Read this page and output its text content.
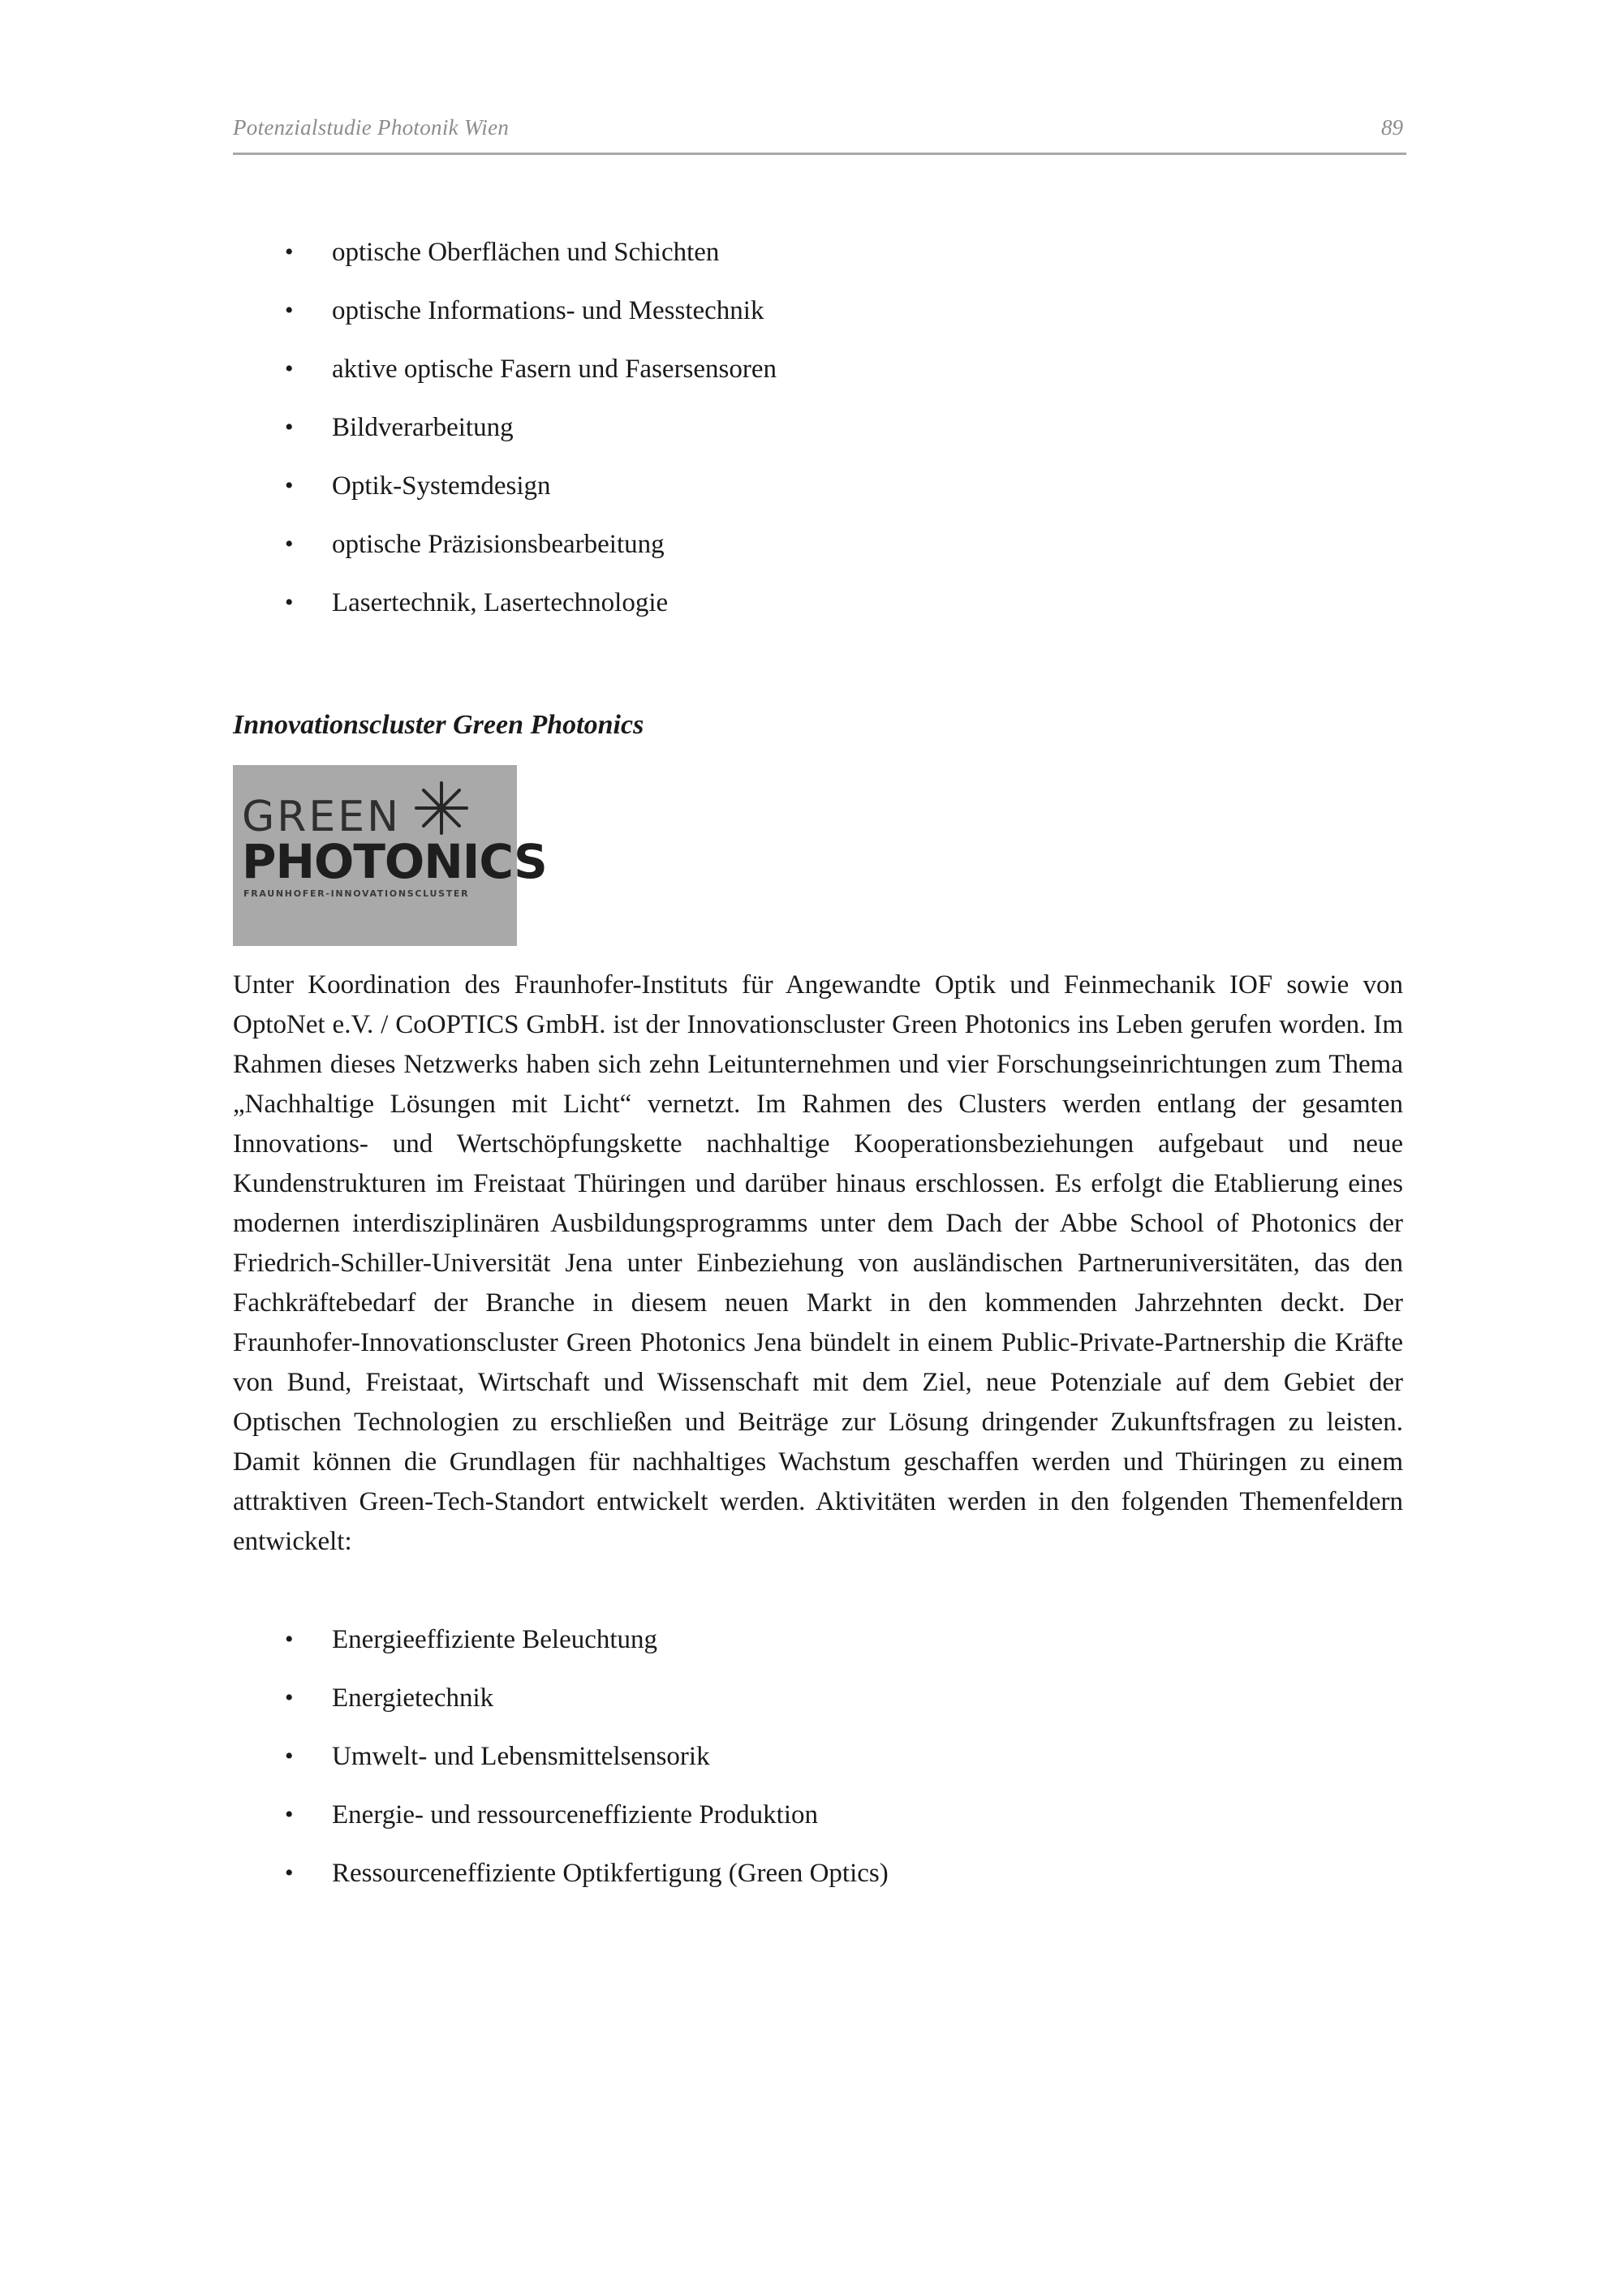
Potenzialstudie Photonik Wien	89
• optische Oberflächen und Schichten
• optische Informations- und Messtechnik
• aktive optische Fasern und Fasersensoren
• Bildverarbeitung
• Optik-Systemdesign
• optische Präzisionsbearbeitung
• Lasertechnik, Lasertechnologie
Innovationscluster Green Photonics
GREEN
PHOTONICS
FRAUNHOFER-INNOVATIONSCLUSTER

Unter Koordination des Fraunhofer-Instituts für Angewandte Optik und Feinmechanik IOF sowie von OptoNet e.V. / CoOPTICS GmbH. ist der Innovationscluster Green Photonics ins Leben gerufen worden. Im Rahmen dieses Netzwerks haben sich zehn Leitunternehmen und vier Forschungseinrichtungen zum Thema „Nachhaltige Lösungen mit Licht“ vernetzt. Im Rahmen des Clusters werden entlang der gesamten Innovations- und Wertschöpfungskette nachhaltige Kooperationsbeziehungen aufgebaut und neue Kundenstrukturen im Freistaat Thüringen und darüber hinaus erschlossen. Es erfolgt die Etablierung eines modernen interdisziplinären Ausbildungsprogramms unter dem Dach der Abbe School of Photonics der Friedrich-Schiller-Universität Jena unter Einbeziehung von ausländischen Partneruniversitäten, das den Fachkräftebedarf der Branche in diesem neuen Markt in den kommenden Jahrzehnten deckt. Der Fraunhofer-Innovationscluster Green Photonics Jena bündelt in einem Public-Private-Partnership die Kräfte von Bund, Freistaat, Wirtschaft und Wissenschaft mit dem Ziel, neue Potenziale auf dem Gebiet der Optischen Technologien zu erschließen und Beiträge zur Lösung dringender Zukunftsfragen zu leisten. Damit können die Grundlagen für nachhaltiges Wachstum geschaffen werden und Thüringen zu einem attraktiven Green-Tech-Standort entwickelt werden. Aktivitäten werden in den folgenden Themenfeldern entwickelt:

• Energieeffiziente Beleuchtung
• Energietechnik
• Umwelt- und Lebensmittelsensorik
• Energie- und ressourceneffiziente Produktion
• Ressourceneffiziente Optikfertigung (Green Optics)
